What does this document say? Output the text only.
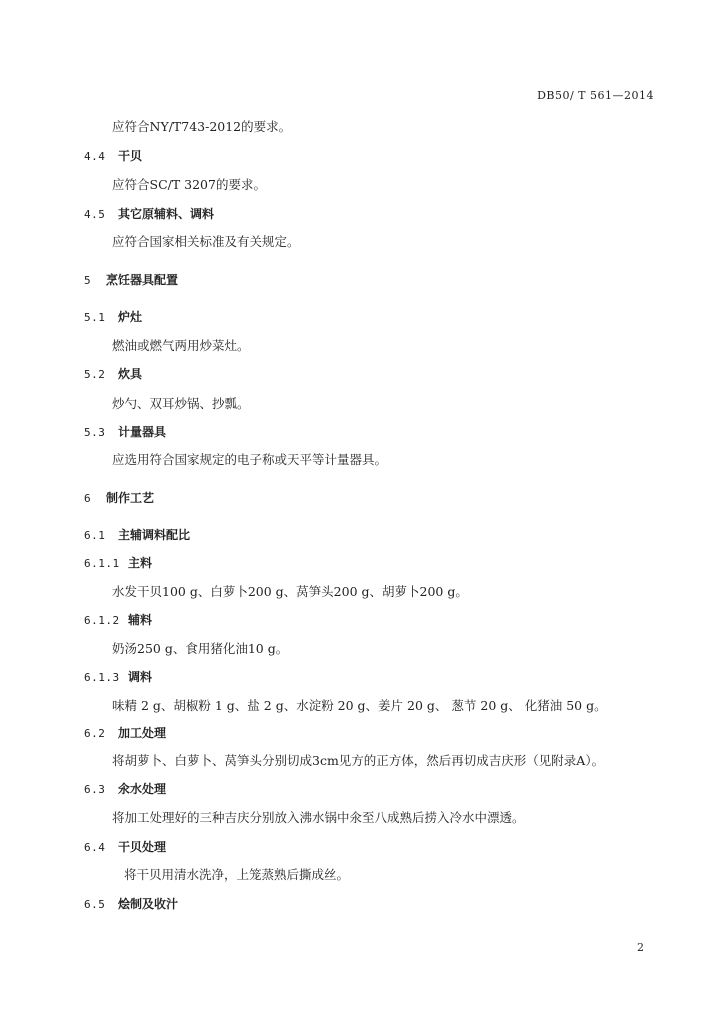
DB50/ T 561—2014
应符合NY/T743-2012的要求。
4.4 干贝
应符合SC/T 3207的要求。
4.5 其它原辅料、调料
应符合国家相关标准及有关规定。
5 烹饪器具配置
5.1 炉灶
燃油或燃气两用炒菜灶。
5.2 炊具
炒勺、双耳炒锅、抄瓢。
5.3 计量器具
应选用符合国家规定的电子称或天平等计量器具。
6 制作工艺
6.1 主辅调料配比
6.1.1 主料
水发干贝100 g、白萝卜200 g、莴笋头200 g、胡萝卜200 g。
6.1.2 辅料
奶汤250 g、食用猪化油10 g。
6.1.3 调料
味精 2 g、胡椒粉 1 g、盐 2 g、水淀粉 20 g、姜片 20 g、 葱节 20 g、 化猪油 50 g。
6.2 加工处理
将胡萝卜、白萝卜、莴笋头分别切成3cm见方的正方体，然后再切成吉庆形（见附录A）。
6.3 氽水处理
将加工处理好的三种吉庆分别放入沸水锅中氽至八成熟后捞入冷水中漂透。
6.4 干贝处理
将干贝用清水洗净，上笼蒸熟后撕成丝。
6.5 烩制及收汁
2
